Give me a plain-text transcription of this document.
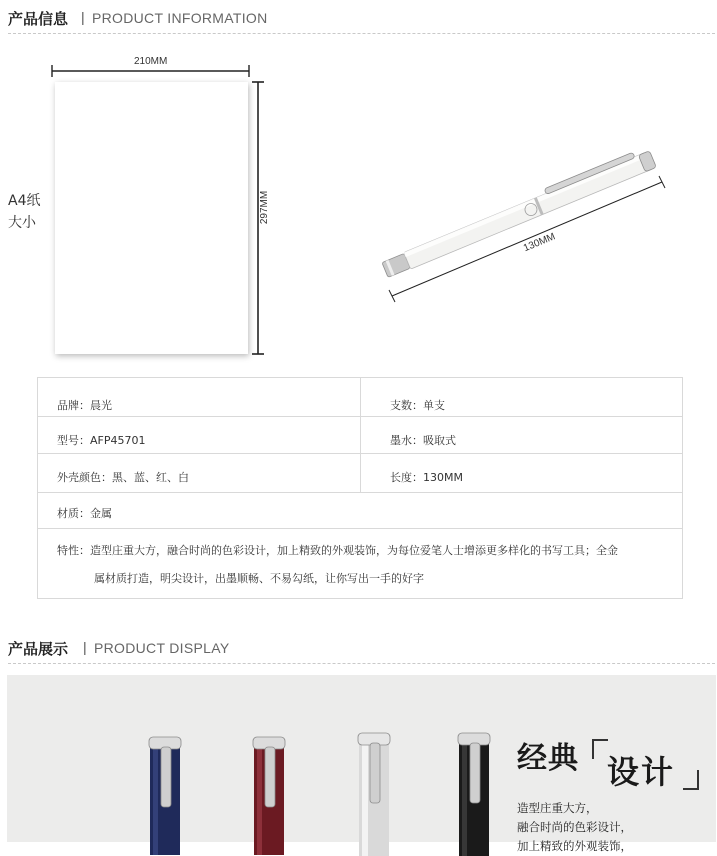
产品信息 | PRODUCT INFORMATION
210MM
297MM
A4纸
大小
130MM
品牌：晨光	支数：单支
型号：AFP45701	墨水：吸取式
外壳颜色：黑、蓝、红、白	长度：130MM
材质：金属
特性：造型庄重大方，融合时尚的色彩设计，加上精致的外观装饰，为每位爱笔人士增添更多样化的书写工具；全金
属材质打造，明尖设计，出墨顺畅、不易勾纸，让你写出一手的好字
产品展示 | PRODUCT DISPLAY
经典 设计
造型庄重大方，
融合时尚的色彩设计，
加上精致的外观装饰，
